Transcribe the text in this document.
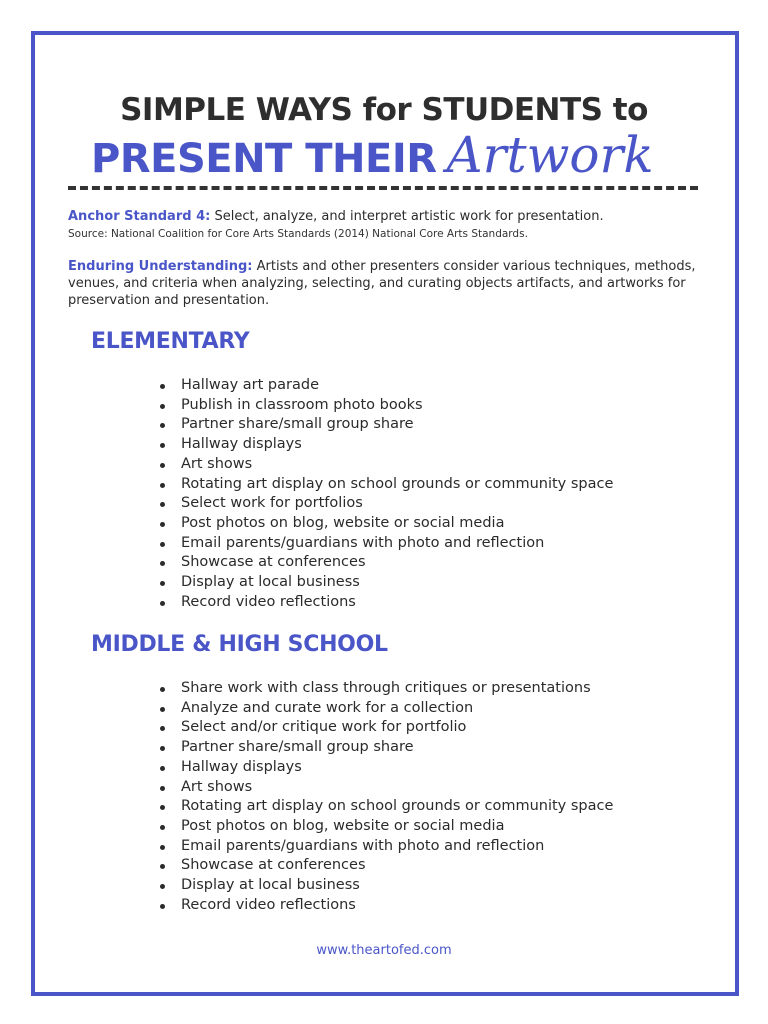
SIMPLE WAYS for STUDENTS to
PRESENT THEIR Artwork
Anchor Standard 4: Select, analyze, and interpret artistic work for presentation.
Source: National Coalition for Core Arts Standards (2014) National Core Arts Standards.
Enduring Understanding: Artists and other presenters consider various techniques, methods, venues, and criteria when analyzing, selecting, and curating objects artifacts, and artworks for preservation and presentation.
ELEMENTARY
Hallway art parade
Publish in classroom photo books
Partner share/small group share
Hallway displays
Art shows
Rotating art display on school grounds or community space
Select work for portfolios
Post photos on blog, website or social media
Email parents/guardians with photo and reflection
Showcase at conferences
Display at local business
Record video reflections
MIDDLE & HIGH SCHOOL
Share work with class through critiques or presentations
Analyze and curate work for a collection
Select and/or critique work for portfolio
Partner share/small group share
Hallway displays
Art shows
Rotating art display on school grounds or community space
Post photos on blog, website or social media
Email parents/guardians with photo and reflection
Showcase at conferences
Display at local business
Record video reflections
www.theartofed.com
